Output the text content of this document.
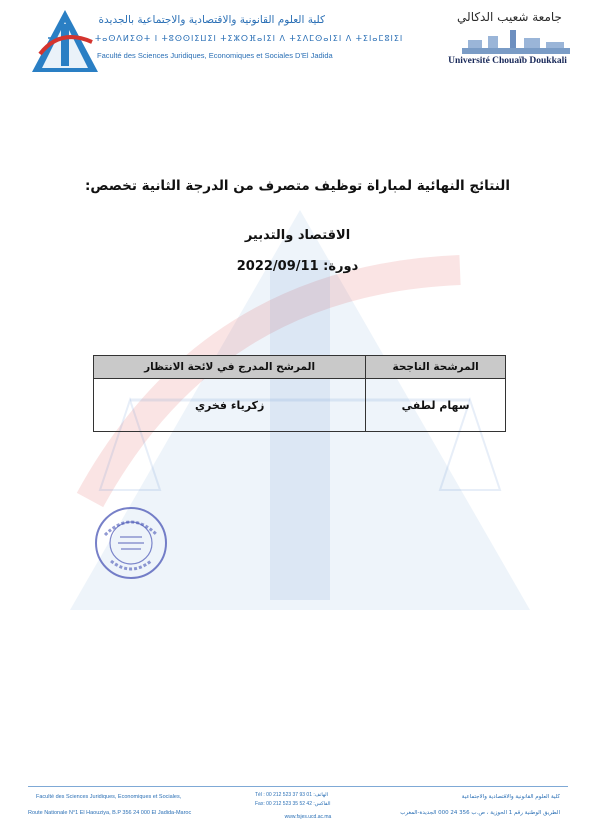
كلية العلوم القانونية والاقتصادية والاجتماعية بالجديدة
ⵜⴰⵙⴷⵍⵉⵙⵜ ⵏ ⵜⵓⵙⵙⵏⵉⵡⵉⵏ ⵜⵉⵣⵔⴼⴰⵏⵉⵏ ⴷ ⵜⵉⴷⵎⵙⴰⵏⵉⵏ ⴷ ⵜⵉⵏⴰⵎⵓⵏⵉⵏ
Faculté des Sciences Juridiques, Economiques et Sociales D'El Jadida
جامعة شعيب الدكالي
Université Chouaïb Doukkali
النتائج النهائية لمباراة توظيف متصرف من الدرجة الثانية تخصص:
الاقتصاد والتدبير
دورة: 2022/09/11
المرشحة الناجحة	المرشح المدرج في لائحة الانتظار
سهام لطفي	زكرياء فخري
Faculté des Sciences Juridiques, Economiques et Sociales,
Route Nationale N°1 El Haouziya, B.P 356 24 000 El Jadida-Maroc
Tél : 00 212 523 37 93 01 :الهاتف
Fax: 00 212 523 35 52 42 :الفاكس
www.fsjes.ucd.ac.ma
كلية العلوم القانونية والاقتصادية والاجتماعية
الطريق الوطنية رقم 1 الحوزية ، ص.ب 356 24 000 الجديدة-المغرب
